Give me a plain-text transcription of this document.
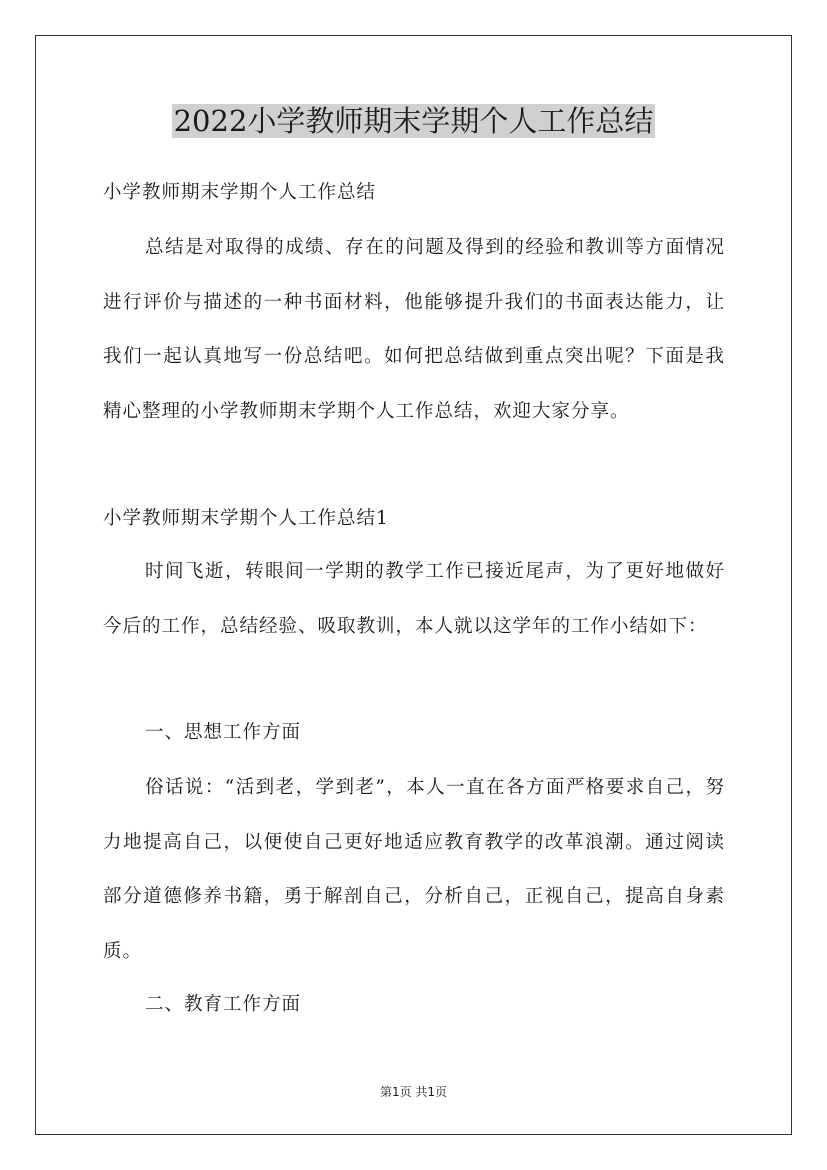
2022小学教师期末学期个人工作总结

小学教师期末学期个人工作总结

总结是对取得的成绩、存在的问题及得到的经验和教训等方面情况进行评价与描述的一种书面材料，他能够提升我们的书面表达能力，让我们一起认真地写一份总结吧。如何把总结做到重点突出呢？下面是我精心整理的小学教师期末学期个人工作总结，欢迎大家分享。

小学教师期末学期个人工作总结1

时间飞逝，转眼间一学期的教学工作已接近尾声，为了更好地做好今后的工作，总结经验、吸取教训，本人就以这学年的工作小结如下：

一、思想工作方面

俗话说：“活到老，学到老”，本人一直在各方面严格要求自己，努力地提高自己，以便使自己更好地适应教育教学的改革浪潮。通过阅读部分道德修养书籍，勇于解剖自己，分析自己，正视自己，提高自身素质。

二、教育工作方面

第1页 共1页
